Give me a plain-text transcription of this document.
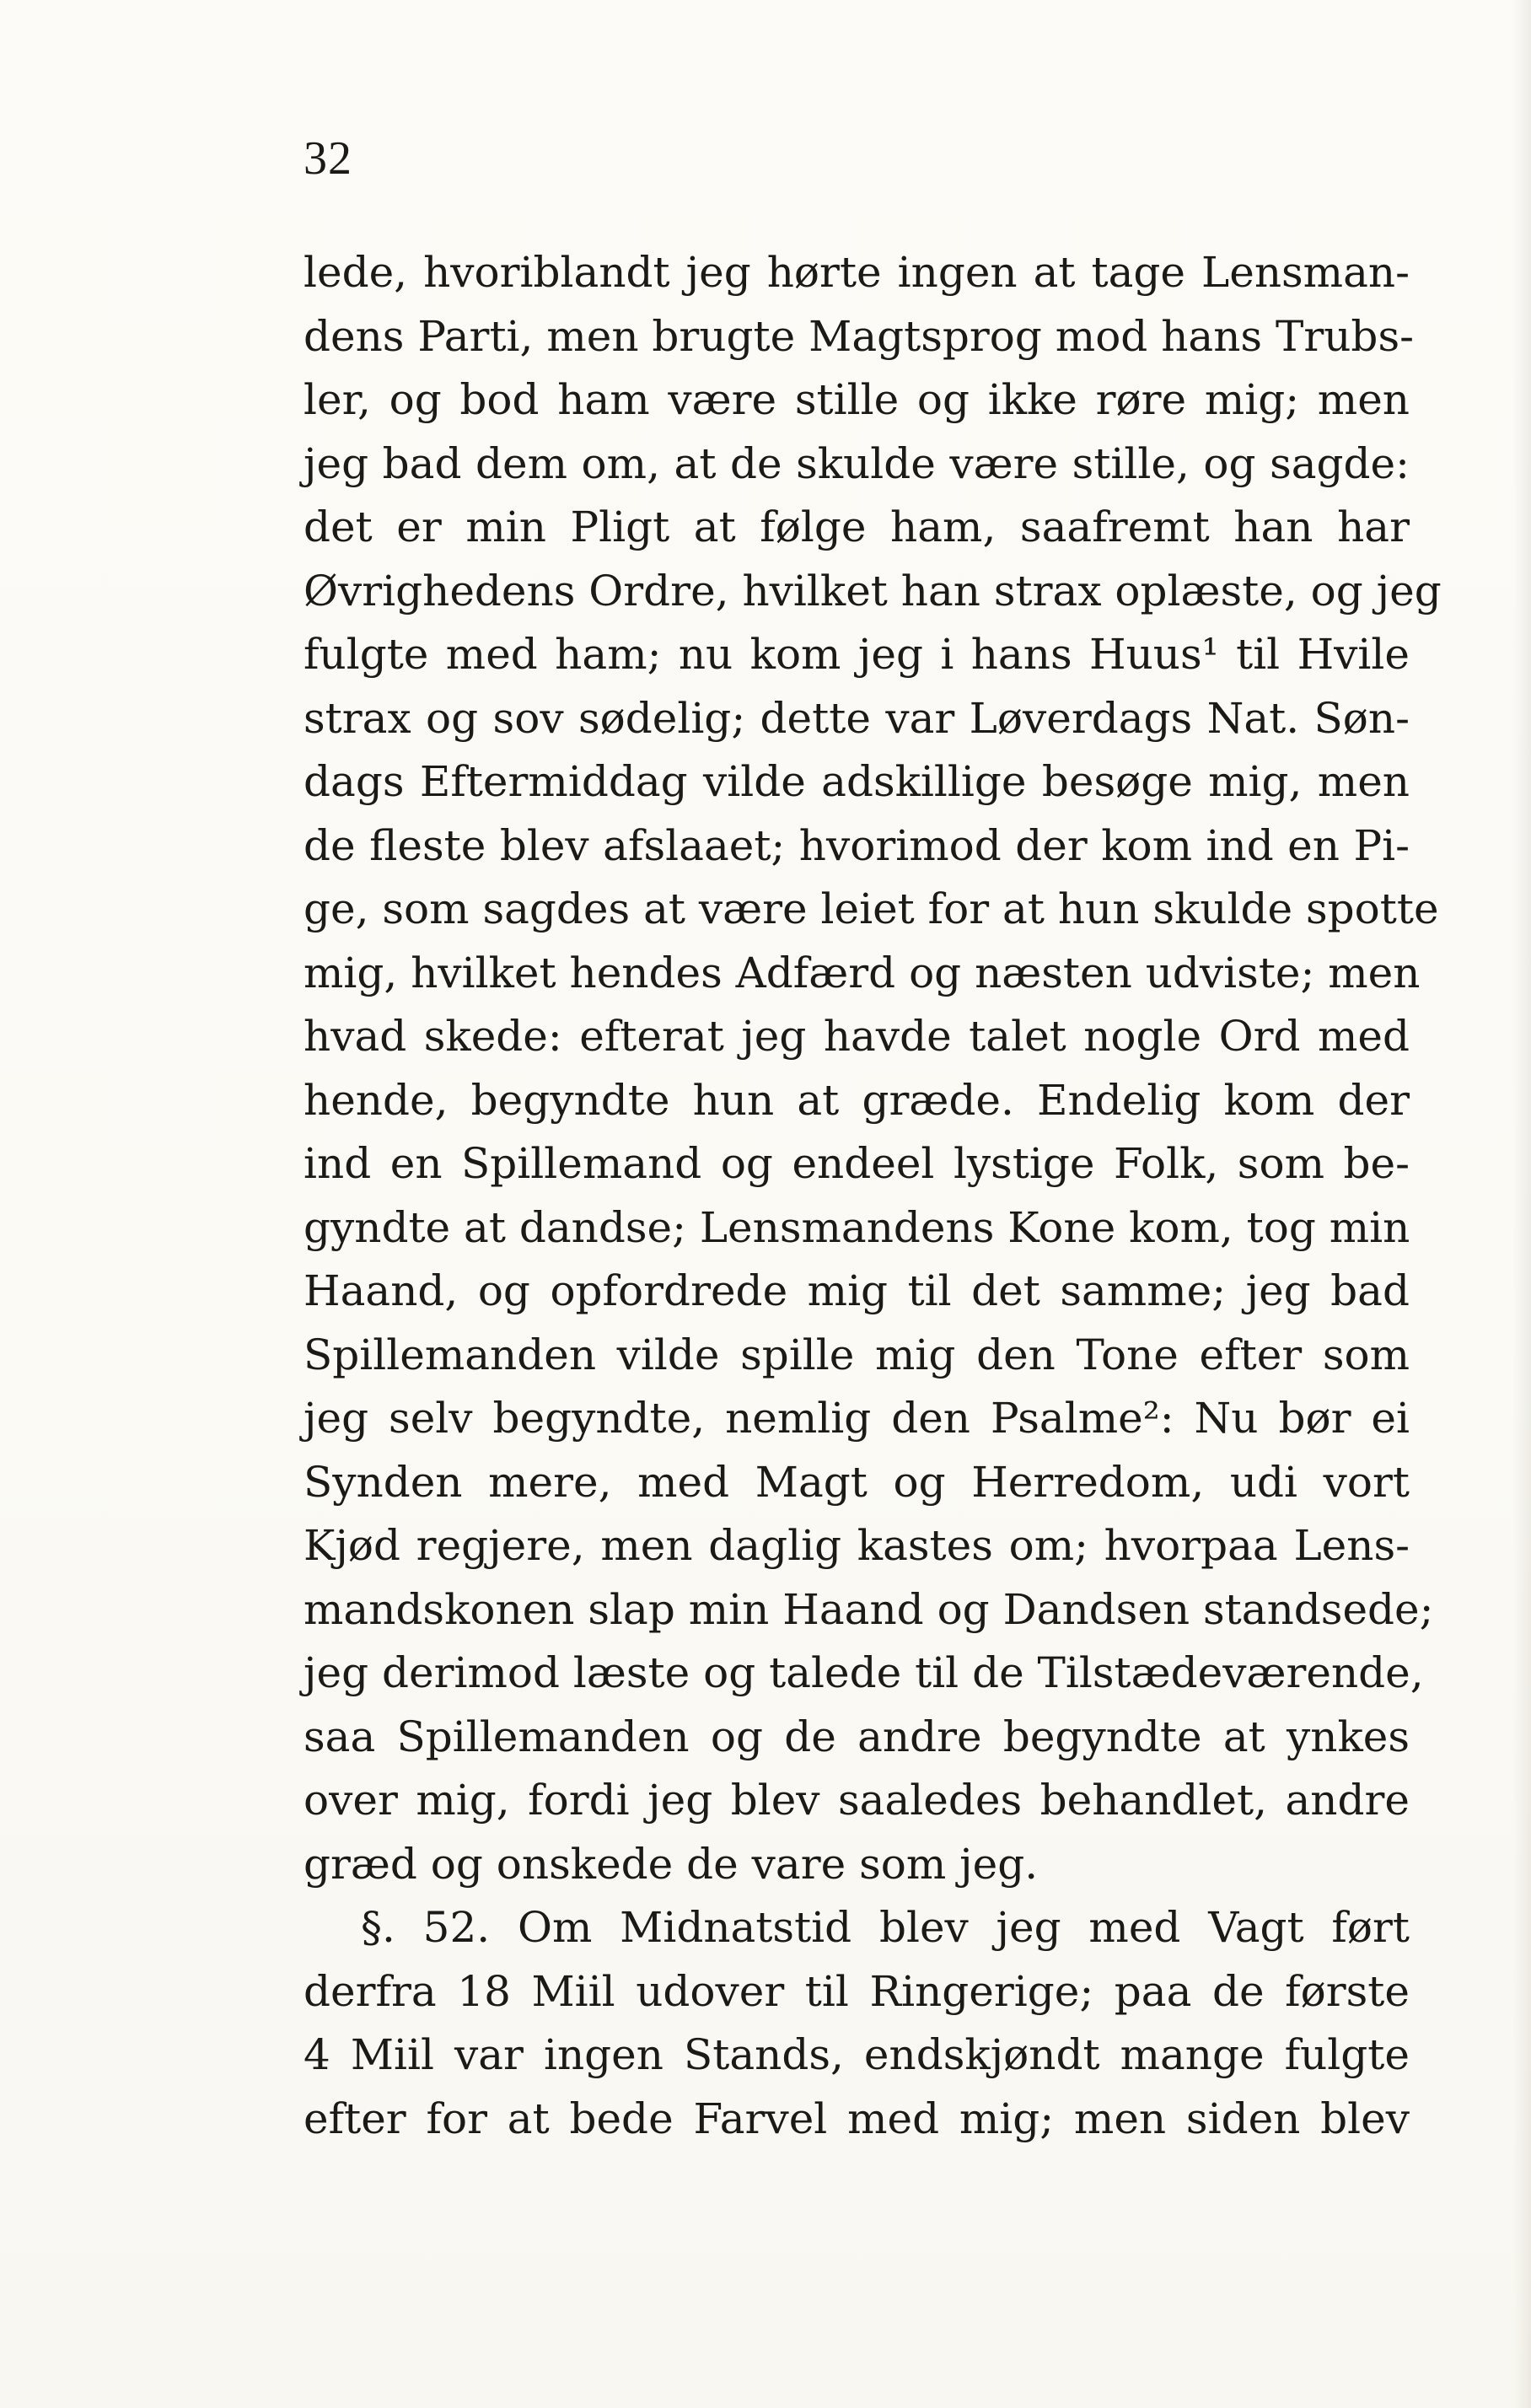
32

lede, hvoriblandt jeg hørte ingen at tage Lensman-
dens Parti, men brugte Magtsprog mod hans Trubs-
ler, og bod ham være stille og ikke røre mig; men
jeg bad dem om, at de skulde være stille, og sagde:
det er min Pligt at følge ham, saafremt han har
Øvrighedens Ordre, hvilket han strax oplæste, og jeg
fulgte med ham; nu kom jeg i hans Huus¹ til Hvile
strax og sov sødelig; dette var Løverdags Nat. Søn-
dags Eftermiddag vilde adskillige besøge mig, men
de fleste blev afslaaet; hvorimod der kom ind en Pi-
ge, som sagdes at være leiet for at hun skulde spotte
mig, hvilket hendes Adfærd og næsten udviste; men
hvad skede: efterat jeg havde talet nogle Ord med
hende, begyndte hun at græde. Endelig kom der
ind en Spillemand og endeel lystige Folk, som be-
gyndte at dandse; Lensmandens Kone kom, tog min
Haand, og opfordrede mig til det samme; jeg bad
Spillemanden vilde spille mig den Tone efter som
jeg selv begyndte, nemlig den Psalme²: Nu bør ei
Synden mere, med Magt og Herredom, udi vort
Kjød regjere, men daglig kastes om; hvorpaa Lens-
mandskonen slap min Haand og Dandsen standsede;
jeg derimod læste og talede til de Tilstædeværende,
saa Spillemanden og de andre begyndte at ynkes
over mig, fordi jeg blev saaledes behandlet, andre
græd og onskede de vare som jeg.
§. 52. Om Midnatstid blev jeg med Vagt ført
derfra 18 Miil udover til Ringerige; paa de første
4 Miil var ingen Stands, endskjøndt mange fulgte
efter for at bede Farvel med mig; men siden blev
